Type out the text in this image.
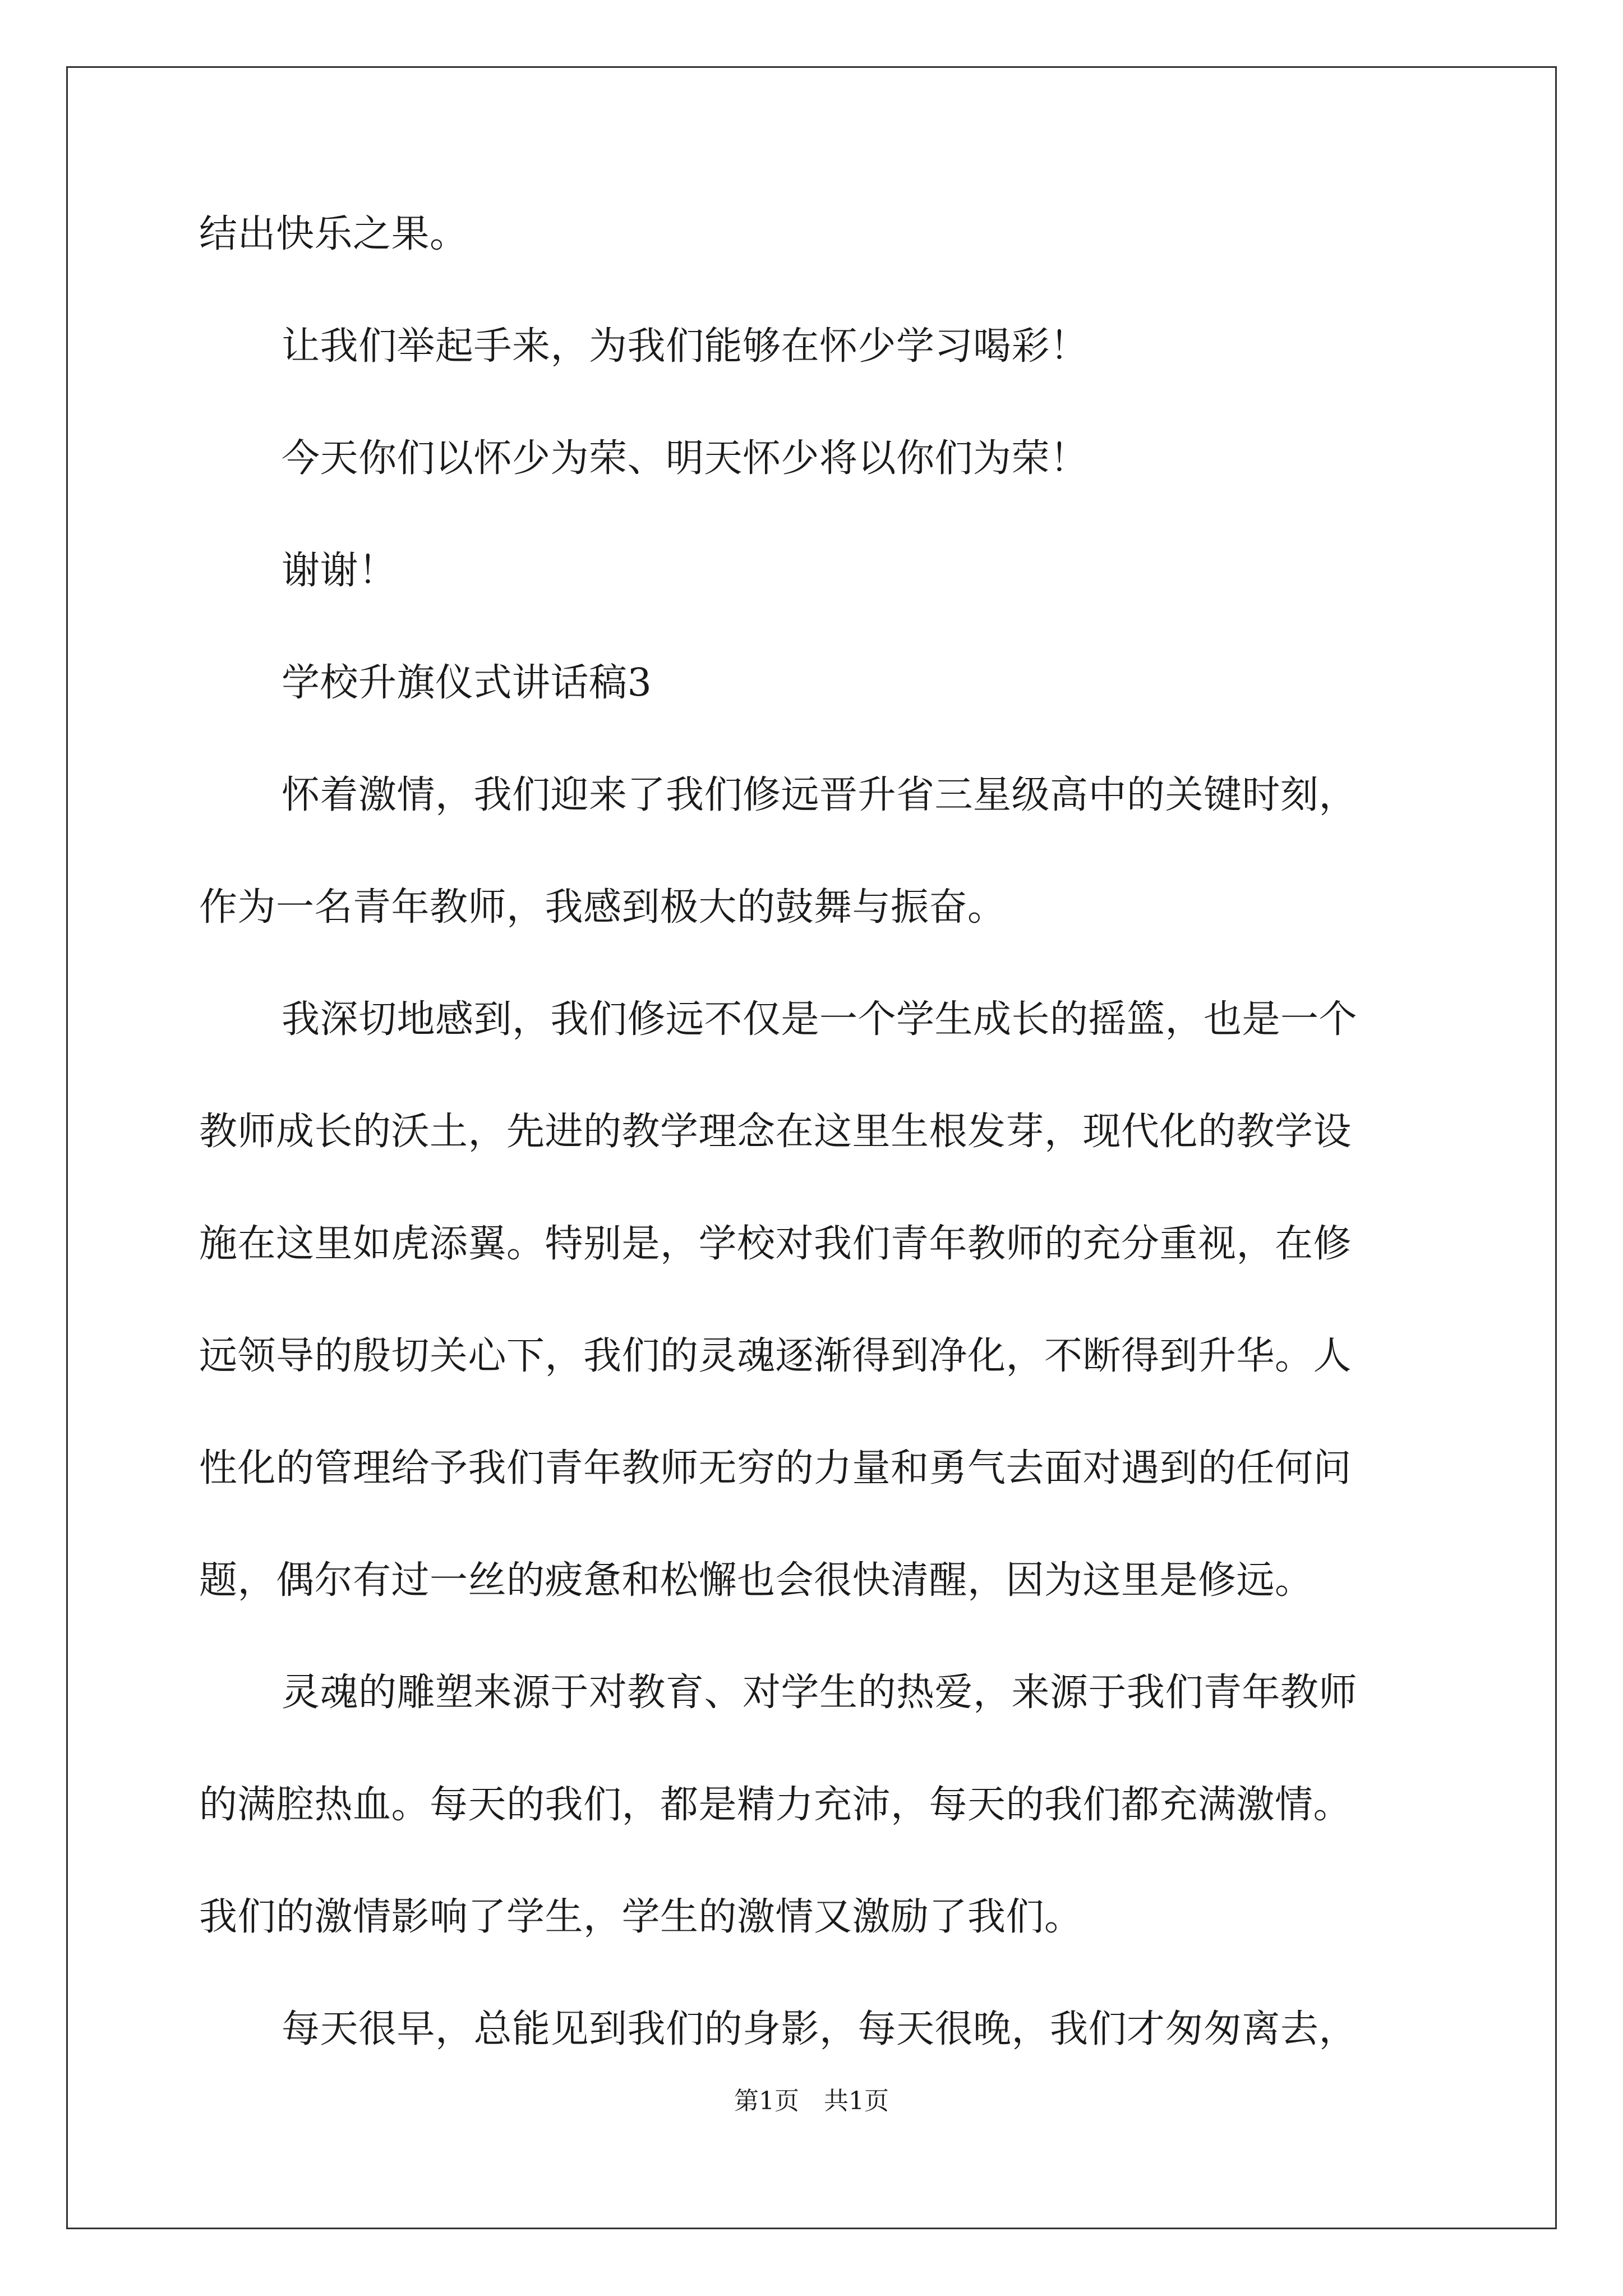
结出快乐之果。
让我们举起手来，为我们能够在怀少学习喝彩！
今天你们以怀少为荣、明天怀少将以你们为荣！
谢谢！
学校升旗仪式讲话稿3
怀着激情，我们迎来了我们修远晋升省三星级高中的关键时刻，
作为一名青年教师，我感到极大的鼓舞与振奋。
我深切地感到，我们修远不仅是一个学生成长的摇篮，也是一个
教师成长的沃土，先进的教学理念在这里生根发芽，现代化的教学设
施在这里如虎添翼。特别是，学校对我们青年教师的充分重视，在修
远领导的殷切关心下，我们的灵魂逐渐得到净化，不断得到升华。人
性化的管理给予我们青年教师无穷的力量和勇气去面对遇到的任何问
题，偶尔有过一丝的疲惫和松懈也会很快清醒，因为这里是修远。
灵魂的雕塑来源于对教育、对学生的热爱，来源于我们青年教师
的满腔热血。每天的我们，都是精力充沛，每天的我们都充满激情。
我们的激情影响了学生，学生的激情又激励了我们。
每天很早，总能见到我们的身影，每天很晚，我们才匆匆离去，
第1页　共1页
